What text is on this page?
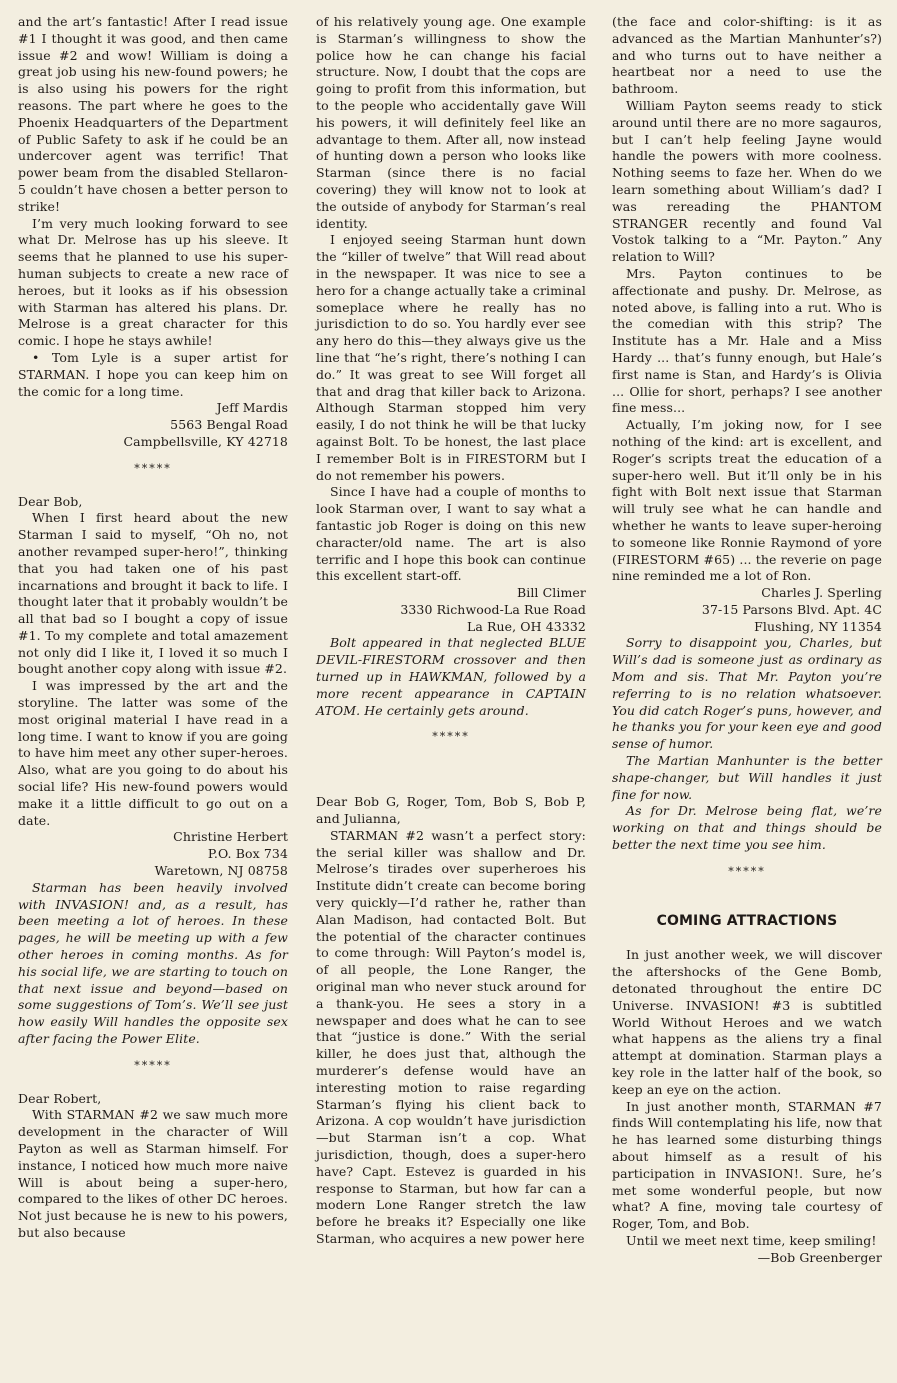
and the art’s fantastic! After I read issue #1 I thought it was good, and then came issue #2 and wow! William is doing a great job using his new-found powers; he is also using his powers for the right reasons. The part where he goes to the Phoenix Headquarters of the Department of Public Safety to ask if he could be an undercover agent was terrific! That power beam from the disabled Stellaron-5 couldn’t have chosen a better person to strike!

I’m very much looking forward to see what Dr. Melrose has up his sleeve. It seems that he planned to use his super-human subjects to create a new race of heroes, but it looks as if his obsession with Starman has altered his plans. Dr. Melrose is a great character for this comic. I hope he stays awhile!

• Tom Lyle is a super artist for STARMAN. I hope you can keep him on the comic for a long time.

Jeff Mardis

5563 Bengal Road

Campbellsville, KY 42718

*****

Dear Bob,

When I first heard about the new Starman I said to myself, “Oh no, not another revamped super-hero!”, thinking that you had taken one of his past incarnations and brought it back to life. I thought later that it probably wouldn’t be all that bad so I bought a copy of issue #1. To my complete and total amazement not only did I like it, I loved it so much I bought another copy along with issue #2.

I was impressed by the art and the storyline. The latter was some of the most original material I have read in a long time. I want to know if you are going to have him meet any other super-heroes. Also, what are you going to do about his social life? His new-found powers would make it a little difficult to go out on a date.

Christine Herbert

P.O. Box 734

Waretown, NJ 08758

Starman has been heavily involved with INVASION! and, as a result, has been meeting a lot of heroes. In these pages, he will be meeting up with a few other heroes in coming months. As for his social life, we are starting to touch on that next issue and beyond—based on some suggestions of Tom’s. We’ll see just how easily Will handles the opposite sex after facing the Power Elite.

*****

Dear Robert,

With STARMAN #2 we saw much more development in the character of Will Payton as well as Starman himself. For instance, I noticed how much more naive Will is about being a super-hero, compared to the likes of other DC heroes. Not just because he is new to his powers, but also because

of his relatively young age. One example is Starman’s willingness to show the police how he can change his facial structure. Now, I doubt that the cops are going to profit from this information, but to the people who accidentally gave Will his powers, it will definitely feel like an advantage to them. After all, now instead of hunting down a person who looks like Starman (since there is no facial covering) they will know not to look at the outside of anybody for Starman’s real identity.

I enjoyed seeing Starman hunt down the “killer of twelve” that Will read about in the newspaper. It was nice to see a hero for a change actually take a criminal someplace where he really has no jurisdiction to do so. You hardly ever see any hero do this—they always give us the line that “he’s right, there’s nothing I can do.” It was great to see Will forget all that and drag that killer back to Arizona. Although Starman stopped him very easily, I do not think he will be that lucky against Bolt. To be honest, the last place I remember Bolt is in FIRESTORM but I do not remember his powers.

Since I have had a couple of months to look Starman over, I want to say what a fantastic job Roger is doing on this new character/old name. The art is also terrific and I hope this book can continue this excellent start-off.

Bill Climer

3330 Richwood-La Rue Road

La Rue, OH 43332

Bolt appeared in that neglected BLUE DEVIL-FIRESTORM crossover and then turned up in HAWKMAN, followed by a more recent appearance in CAPTAIN ATOM. He certainly gets around.

*****

Dear Bob G, Roger, Tom, Bob S, Bob P, and Julianna,

STARMAN #2 wasn’t a perfect story: the serial killer was shallow and Dr. Melrose’s tirades over superheroes his Institute didn’t create can become boring very quickly—I’d rather he, rather than Alan Madison, had contacted Bolt. But the potential of the character continues to come through: Will Payton’s model is, of all people, the Lone Ranger, the original man who never stuck around for a thank-you. He sees a story in a newspaper and does what he can to see that “justice is done.” With the serial killer, he does just that, although the murderer’s defense would have an interesting motion to raise regarding Starman’s flying his client back to Arizona. A cop wouldn’t have jurisdiction—but Starman isn’t a cop. What jurisdiction, though, does a super-hero have? Capt. Estevez is guarded in his response to Starman, but how far can a modern Lone Ranger stretch the law before he breaks it? Especially one like Starman, who acquires a new power here

(the face and color-shifting: is it as advanced as the Martian Manhunter’s?) and who turns out to have neither a heartbeat nor a need to use the bathroom.

William Payton seems ready to stick around until there are no more sagauros, but I can’t help feeling Jayne would handle the powers with more coolness. Nothing seems to faze her. When do we learn something about William’s dad? I was rereading the PHANTOM STRANGER recently and found Val Vostok talking to a “Mr. Payton.” Any relation to Will?

Mrs. Payton continues to be affectionate and pushy. Dr. Melrose, as noted above, is falling into a rut. Who is the comedian with this strip? The Institute has a Mr. Hale and a Miss Hardy ... that’s funny enough, but Hale’s first name is Stan, and Hardy’s is Olivia ... Ollie for short, perhaps? I see another fine mess...

Actually, I’m joking now, for I see nothing of the kind: art is excellent, and Roger’s scripts treat the education of a super-hero well. But it’ll only be in his fight with Bolt next issue that Starman will truly see what he can handle and whether he wants to leave super-heroing to someone like Ronnie Raymond of yore (FIRESTORM #65) ... the reverie on page nine reminded me a lot of Ron.

Charles J. Sperling

37-15 Parsons Blvd. Apt. 4C

Flushing, NY 11354

Sorry to disappoint you, Charles, but Will’s dad is someone just as ordinary as Mom and sis. That Mr. Payton you’re referring to is no relation whatsoever. You did catch Roger’s puns, however, and he thanks you for your keen eye and good sense of humor.

The Martian Manhunter is the better shape-changer, but Will handles it just fine for now.

As for Dr. Melrose being flat, we’re working on that and things should be better the next time you see him.

*****
COMING ATTRACTIONS

In just another week, we will discover the aftershocks of the Gene Bomb, detonated throughout the entire DC Universe. INVASION! #3 is subtitled World Without Heroes and we watch what happens as the aliens try a final attempt at domination. Starman plays a key role in the latter half of the book, so keep an eye on the action.

In just another month, STARMAN #7 finds Will contemplating his life, now that he has learned some disturbing things about himself as a result of his participation in INVASION!. Sure, he’s met some wonderful people, but now what? A fine, moving tale courtesy of Roger, Tom, and Bob.

Until we meet next time, keep smiling!

—Bob Greenberger
